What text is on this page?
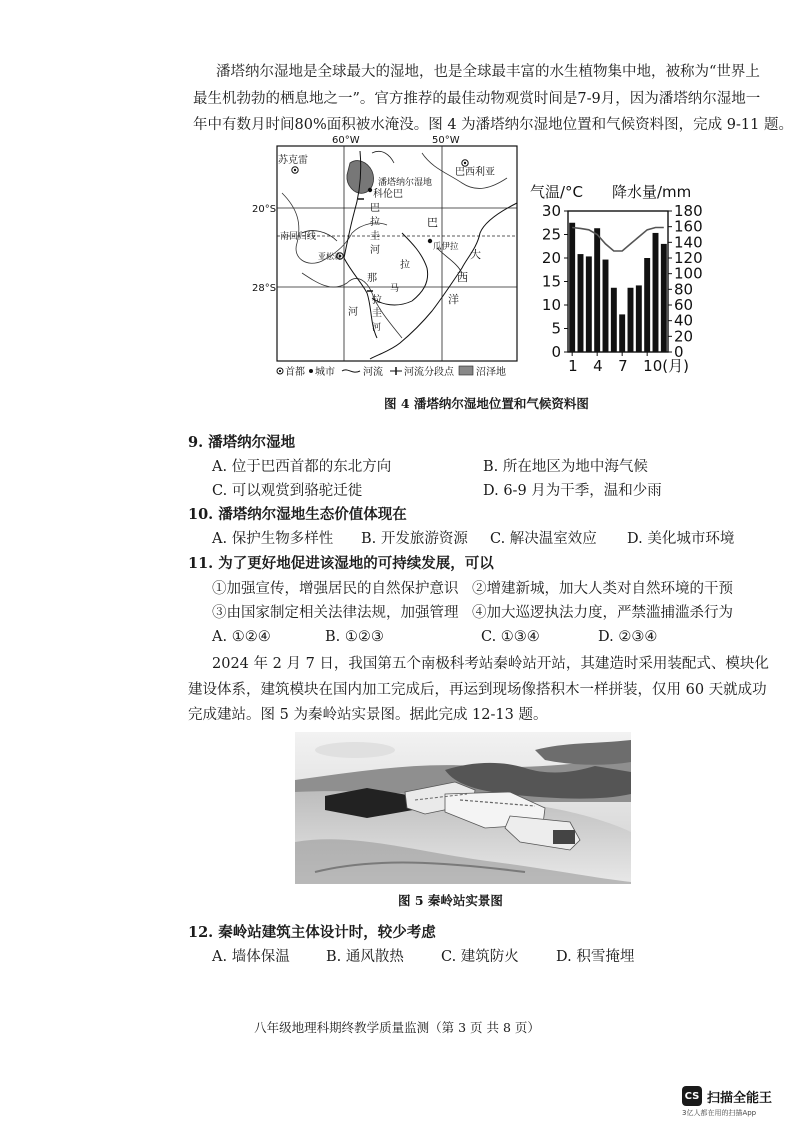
潘塔纳尔湿地是全球最大的湿地，也是全球最丰富的水生植物集中地，被称为“世界上
最生机勃勃的栖息地之一”。官方推荐的最佳动物观赏时间是7-9月，因为潘塔纳尔湿地一
年中有数月时间80%面积被水淹没。图 4 为潘塔纳尔湿地位置和气候资料图，完成 9-11 题。
60°W	50°W
20°S
28°S
苏克雷
潘塔纳尔湿地
科伦巴
巴西利亚
亚松森
瓜伊拉
南回归线
巴
拉
圭
河
拉
那
马
拉
圭
河
河
巴
大
西
洋
首都 城市	河流 河流分段点 沼泽地
气温/°C 降水量/mm
30
25
20
15
10
5
0
180
160
140
120
100
80
60
40
20
0
1 4 7 10(月)
图 4 潘塔纳尔湿地位置和气候资料图
9. 潘塔纳尔湿地
A. 位于巴西首都的东北方向	B. 所在地区为地中海气候
C. 可以观赏到骆驼迁徙	D. 6-9 月为干季，温和少雨
10. 潘塔纳尔湿地生态价值体现在
A. 保护生物多样性 B. 开发旅游资源 C. 解决温室效应 D. 美化城市环境
11. 为了更好地促进该湿地的可持续发展，可以
①加强宣传，增强居民的自然保护意识 ②增建新城，加大人类对自然环境的干预
③由国家制定相关法律法规，加强管理 ④加大巡逻执法力度，严禁滥捕滥杀行为
A. ①②④	B. ①②③	C. ①③④	D. ②③④
2024 年 2 月 7 日，我国第五个南极科考站秦岭站开站，其建造时采用装配式、模块化
建设体系，建筑模块在国内加工完成后，再运到现场像搭积木一样拼装，仅用 60 天就成功
完成建站。图 5 为秦岭站实景图。据此完成 12-13 题。
图 5 秦岭站实景图
12. 秦岭站建筑主体设计时，较少考虑
A. 墙体保温	B. 通风散热	C. 建筑防火	D. 积雪掩埋
八年级地理科期终教学质量监测（第 3 页 共 8 页）
CS 扫描全能王
3亿人都在用的扫描App
